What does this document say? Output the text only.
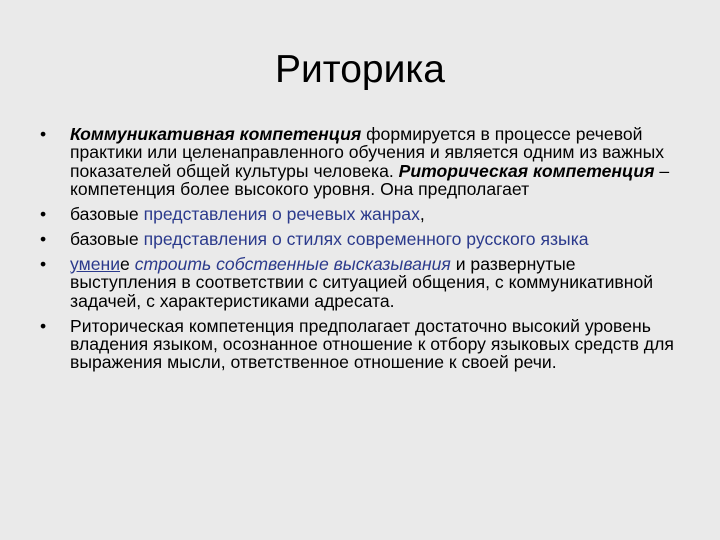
Риторика
•	Коммуникативная компетенция формируется в процессе речевой практики или целенаправленного обучения и является одним из важных показателей общей культуры человека. Риторическая компетенция – компетенция более высокого уровня. Она предполагает
•	базовые представления о речевых жанрах,
•	базовые представления о стилях современного русского языка
•	умение строить собственные высказывания и развернутые выступления в соответствии с ситуацией общения, с коммуникативной задачей, с характеристиками адресата.
•	Риторическая компетенция предполагает достаточно высокий уровень владения языком, осознанное отношение к отбору языковых средств для выражения мысли, ответственное отношение к своей речи.
